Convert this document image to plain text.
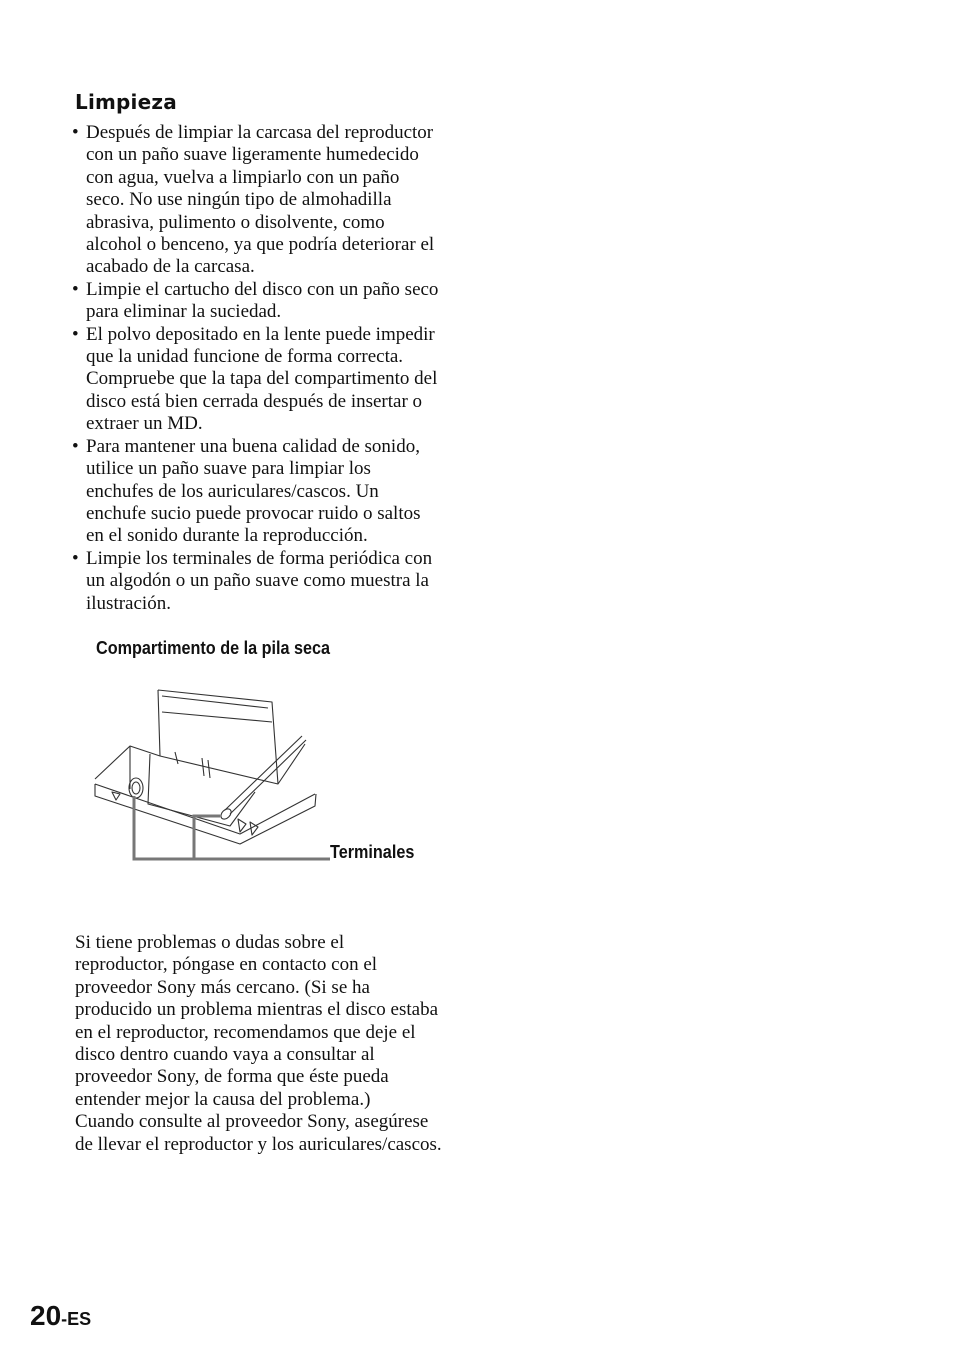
Limpieza
• Después de limpiar la carcasa del reproductor
con un paño suave ligeramente humedecido
con agua, vuelva a limpiarlo con un paño
seco. No use ningún tipo de almohadilla
abrasiva, pulimento o disolvente, como
alcohol o benceno, ya que podría deteriorar el
acabado de la carcasa.
• Limpie el cartucho del disco con un paño seco
para eliminar la suciedad.
• El polvo depositado en la lente puede impedir
que la unidad funcione de forma correcta.
Compruebe que la tapa del compartimento del
disco está bien cerrada después de insertar o
extraer un MD.
• Para mantener una buena calidad de sonido,
utilice un paño suave para limpiar los
enchufes de los auriculares/cascos. Un
enchufe sucio puede provocar ruido o saltos
en el sonido durante la reproducción.
• Limpie los terminales de forma periódica con
un algodón o un paño suave como muestra la
ilustración.
Compartimento de la pila seca
Terminales
Si tiene problemas o dudas sobre el
reproductor, póngase en contacto con el
proveedor Sony más cercano. (Si se ha
producido un problema mientras el disco estaba
en el reproductor, recomendamos que deje el
disco dentro cuando vaya a consultar al
proveedor Sony, de forma que éste pueda
entender mejor la causa del problema.)
Cuando consulte al proveedor Sony, asegúrese
de llevar el reproductor y los auriculares/cascos.
20-ES
